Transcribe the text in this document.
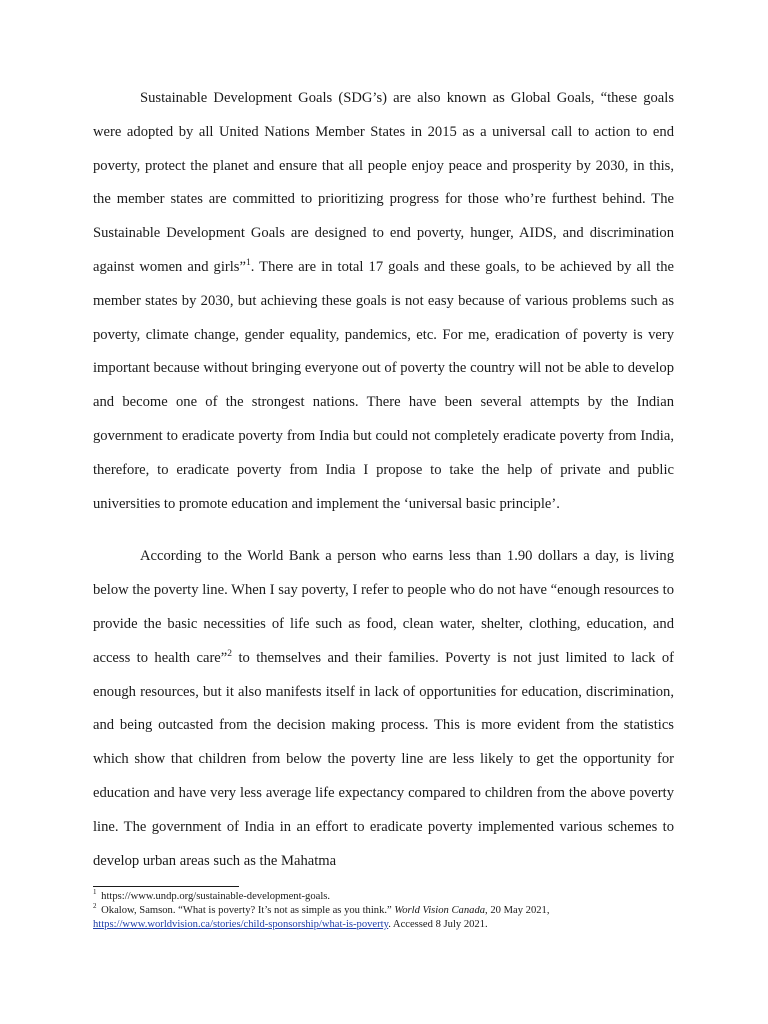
Sustainable Development Goals (SDG’s) are also known as Global Goals, “these goals were adopted by all United Nations Member States in 2015 as a universal call to action to end poverty, protect the planet and ensure that all people enjoy peace and prosperity by 2030, in this, the member states are committed to prioritizing progress for those who’re furthest behind. The Sustainable Development Goals are designed to end poverty, hunger, AIDS, and discrimination against women and girls”$^1$. There are in total 17 goals and these goals, to be achieved by all the member states by 2030, but achieving these goals is not easy because of various problems such as poverty, climate change, gender equality, pandemics, etc. For me, eradication of poverty is very important because without bringing everyone out of poverty the country will not be able to develop and become one of the strongest nations. There have been several attempts by the Indian government to eradicate poverty from India but could not completely eradicate poverty from India, therefore, to eradicate poverty from India I propose to take the help of private and public universities to promote education and implement the ‘universal basic principle’.

According to the World Bank a person who earns less than 1.90 dollars a day, is living below the poverty line. When I say poverty, I refer to people who do not have “enough resources to provide the basic necessities of life such as food, clean water, shelter, clothing, education, and access to health care”$^2$ to themselves and their families. Poverty is not just limited to lack of enough resources, but it also manifests itself in lack of opportunities for education, discrimination, and being outcasted from the decision making process. This is more evident from the statistics which show that children from below the poverty line are less likely to get the opportunity for education and have very less average life expectancy compared to children from the above poverty line. The government of India in an effort to eradicate poverty implemented various schemes to develop urban areas such as the Mahatma

$^1$ https://www.undp.org/sustainable-development-goals.

$^2$ Okalow, Samson. “What is poverty? It’s not as simple as you think.” World Vision Canada, 20 May 2021,
https://www.worldvision.ca/stories/child-sponsorship/what-is-poverty. Accessed 8 July 2021.
